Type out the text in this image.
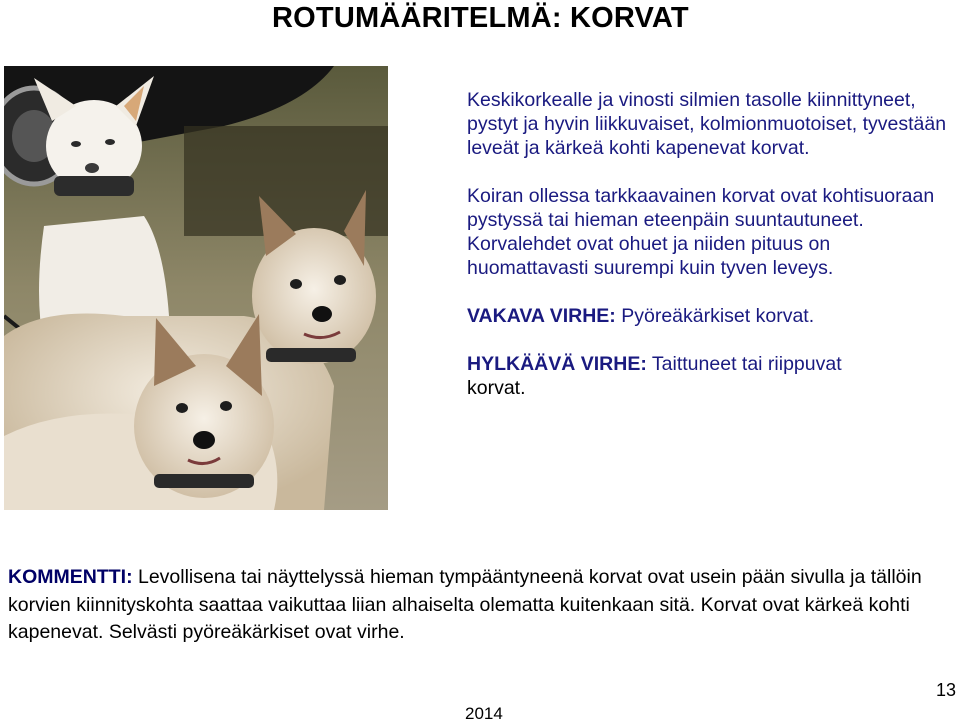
ROTUMÄÄRITELMÄ: KORVAT

Keskikorkealle ja vinosti silmien tasolle kiinnittyneet, pystyt ja hyvin liikkuvaiset, kolmionmuotoiset, tyvestään leveät ja kärkeä kohti kapenevat korvat.

Koiran ollessa tarkkaavainen korvat ovat kohtisuoraan pystyssä tai hieman eteenpäin suuntautuneet. Korvalehdet ovat ohuet ja niiden pituus on huomattavasti suurempi kuin tyven leveys.

VAKAVA VIRHE: Pyöreäkärkiset korvat.

HYLKÄÄVÄ VIRHE: Taittuneet tai riippuvat
korvat.

KOMMENTTI: Levollisena tai näyttelyssä hieman tympääntyneenä korvat ovat usein pään sivulla ja tällöin korvien kiinnityskohta saattaa vaikuttaa liian alhaiselta olematta kuitenkaan sitä. Korvat ovat kärkeä kohti kapenevat. Selvästi pyöreäkärkiset ovat virhe.
2014
13
